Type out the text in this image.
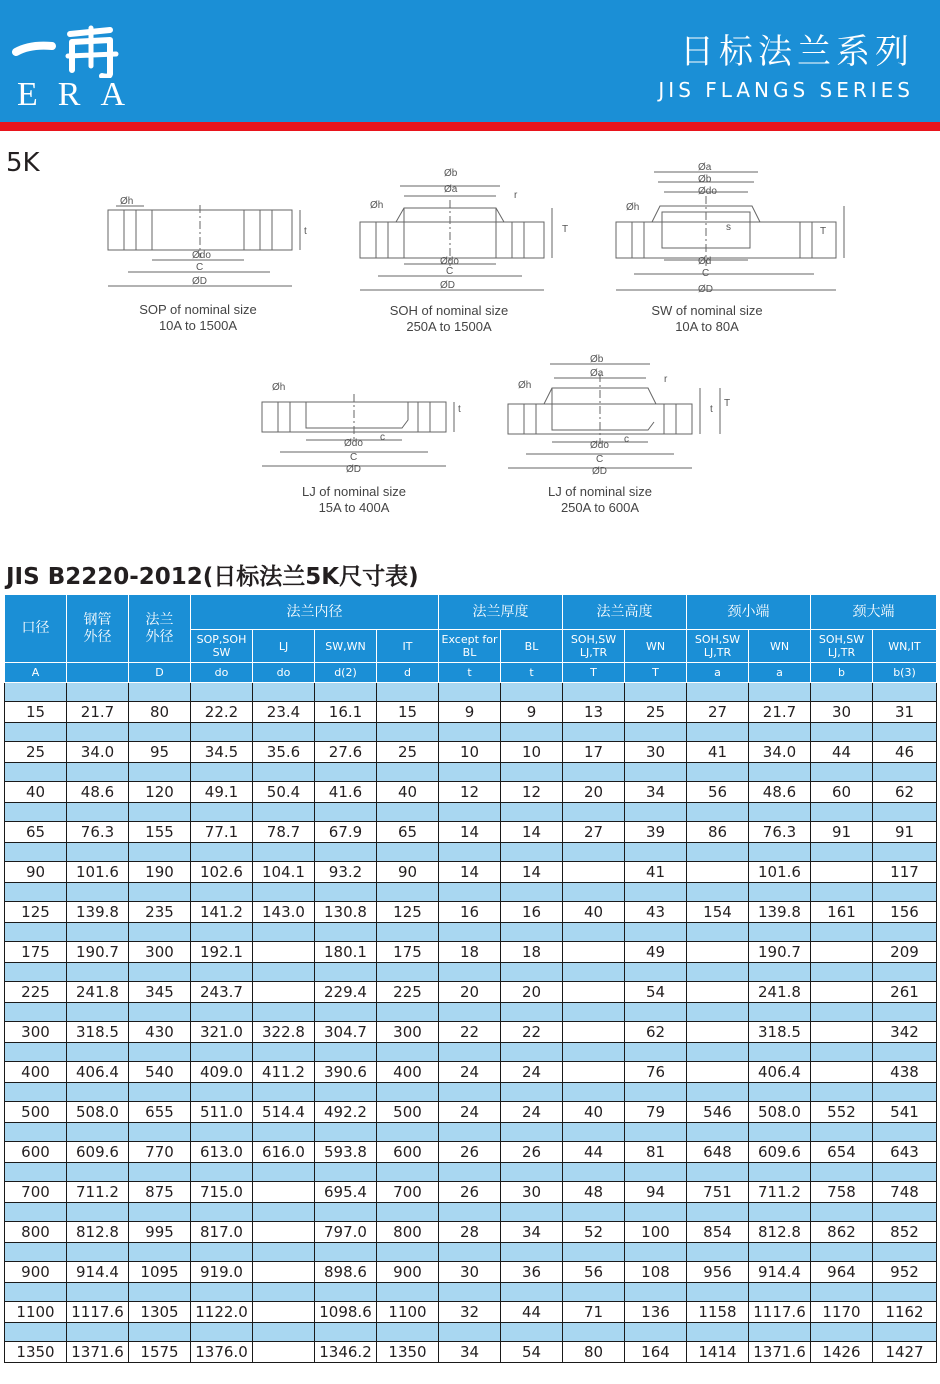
ERA
日标法兰系列
JIS FLANGS SERIES
5K
Øh
Ødo
C
ØD
t
Øb
Øa
Øh
r
Ødo
C
ØD
T
Øa
Øb
Ødo
Øh
s
Ød
C
ØD
T
Øh
Ødo
c
C
ØD
t
Øb
Øa
Øh
r
Ødo
c
C
ØD
t
T
SOP of nominal size
10A to 1500A
SOH of nominal size
250A to 1500A
SW of nominal size
10A to 80A
LJ of nominal size
15A to 400A
LJ of nominal size
250A to 600A
JIS B2220-2012(日标法兰5K尺寸表)
口径	钢管外径	法兰外径	法兰内径				法兰厚度		法兰高度		颈小端		颈大端	
			SOP,SOH SW	LJ	SW,WN	IT	Except for BL	BL	SOH,SW LJ,TR	WN	SOH,SW LJ,TR	WN	SOH,SW LJ,TR	WN,IT
A		D	do	do	d(2)	d	t	t	T	T	a	a	b	b(3)

15	21.7	80	22.2	23.4	16.1	15	9	9	13	25	27	21.7	30	31

25	34.0	95	34.5	35.6	27.6	25	10	10	17	30	41	34.0	44	46

40	48.6	120	49.1	50.4	41.6	40	12	12	20	34	56	48.6	60	62

65	76.3	155	77.1	78.7	67.9	65	14	14	27	39	86	76.3	91	91

90	101.6	190	102.6	104.1	93.2	90	14	14		41		101.6		117

125	139.8	235	141.2	143.0	130.8	125	16	16	40	43	154	139.8	161	156

175	190.7	300	192.1		180.1	175	18	18		49		190.7		209

225	241.8	345	243.7		229.4	225	20	20		54		241.8		261

300	318.5	430	321.0	322.8	304.7	300	22	22		62		318.5		342

400	406.4	540	409.0	411.2	390.6	400	24	24		76		406.4		438

500	508.0	655	511.0	514.4	492.2	500	24	24	40	79	546	508.0	552	541

600	609.6	770	613.0	616.0	593.8	600	26	26	44	81	648	609.6	654	643

700	711.2	875	715.0		695.4	700	26	30	48	94	751	711.2	758	748

800	812.8	995	817.0		797.0	800	28	34	52	100	854	812.8	862	852

900	914.4	1095	919.0		898.6	900	30	36	56	108	956	914.4	964	952

1100	1117.6	1305	1122.0		1098.6	1100	32	44	71	136	1158	1117.6	1170	1162

1350	1371.6	1575	1376.0		1346.2	1350	34	54	80	164	1414	1371.6	1426	1427
